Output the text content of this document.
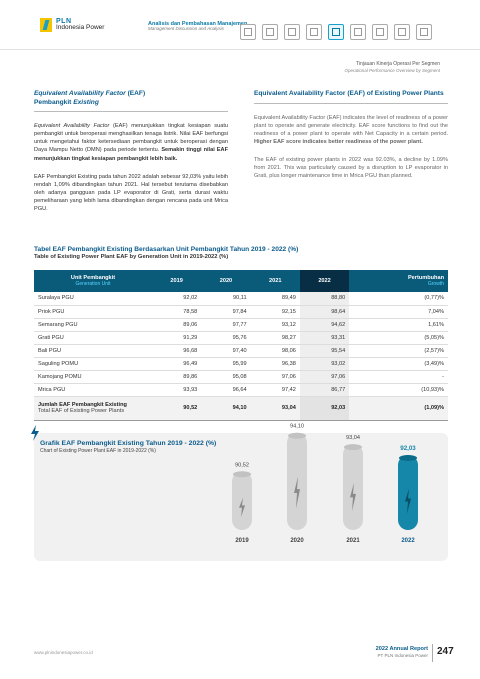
PLN
Indonesia Power
Analisis dan Pembahasan Manajemen
Management Discussion and Analysis
Tinjauan Kinerja Operasi Per Segmen
Operational Performance Overview by Segment
Equivalent Availability Factor (EAF)
Pembangkit Existing

Equivalent Availability Factor (EAF) menunjukkan tingkat kesiapan suatu pembangkit untuk beroperasi menghasilkan tenaga listrik. Nilai EAF berfungsi untuk mengetahui faktor ketersediaan pembangkit untuk beroperasi dengan Daya Mampu Netto (DMN) pada periode tertentu. Semakin tinggi nilai EAF menunjukkan tingkat kesiapan pembangkit lebih baik.

EAF Pembangkit Existing pada tahun 2022 adalah sebesar 92,03% yaitu lebih rendah 1,09% dibandingkan tahun 2021. Hal tersebut terutama disebabkan oleh adanya gangguan pada LP evaporator di Grati, serta durasi waktu pemeliharaan yang lebih lama dibandingkan dengan rencana pada unit Mrica PGU.

Equivalent Availability Factor (EAF) of Existing Power Plants

Equivalent Availability Factor (EAF) indicates the level of readiness of a power plant to operate and generate electricity. EAF score functions to find out the readiness of a power plant to operate with Net Capacity in a certain period. Higher EAF score indicates better readiness of the power plant.

The EAF of existing power plants in 2022 was 92.03%, a decline by 1.09% from 2021. This was particularly caused by a disruption to LP evaporator in Grati, plus longer maintenance time in Mrica PGU than planned.

Tabel EAF Pembangkit Existing Berdasarkan Unit Pembangkit Tahun 2019 - 2022 (%)
Table of Existing Power Plant EAF by Generation Unit in 2019-2022 (%)
Unit Pembangkit
Generation Unit	2019	2020	2021	2022	Pertumbuhan
Growth

Suralaya PGU	92,02	90,11	89,49	88,80	(0,77)%
Priok PGU	78,58	97,84	92,15	98,64	7,04%
Semarang PGU	89,06	97,77	93,12	94,62	1,61%
Grati PGU	91,29	95,76	98,27	93,31	(5,05)%
Bali PGU	96,68	97,40	98,06	95,54	(2,57)%
Saguling POMU	96,49	95,99	96,38	93,02	(3,49)%
Kamojang POMU	89,86	95,08	97,06	97,06	-
Mrica PGU	93,93	96,64	97,42	86,77	(10,93)%
Jumlah EAF Pembangkit Existing
Total EAF of Existing Power Plants	90,52	94,10	93,04	92,03	(1,09)%
Grafik EAF Pembangkit Existing Tahun 2019 - 2022 (%)
Chart of Existing Power Plant EAF in 2019-2022 (%)
90,52
2019
94,10
2020
93,04
2021
92,03
2022
www.plnindonesiapower.co.id
2022 Annual Report
PT PLN Indonesia Power 247
